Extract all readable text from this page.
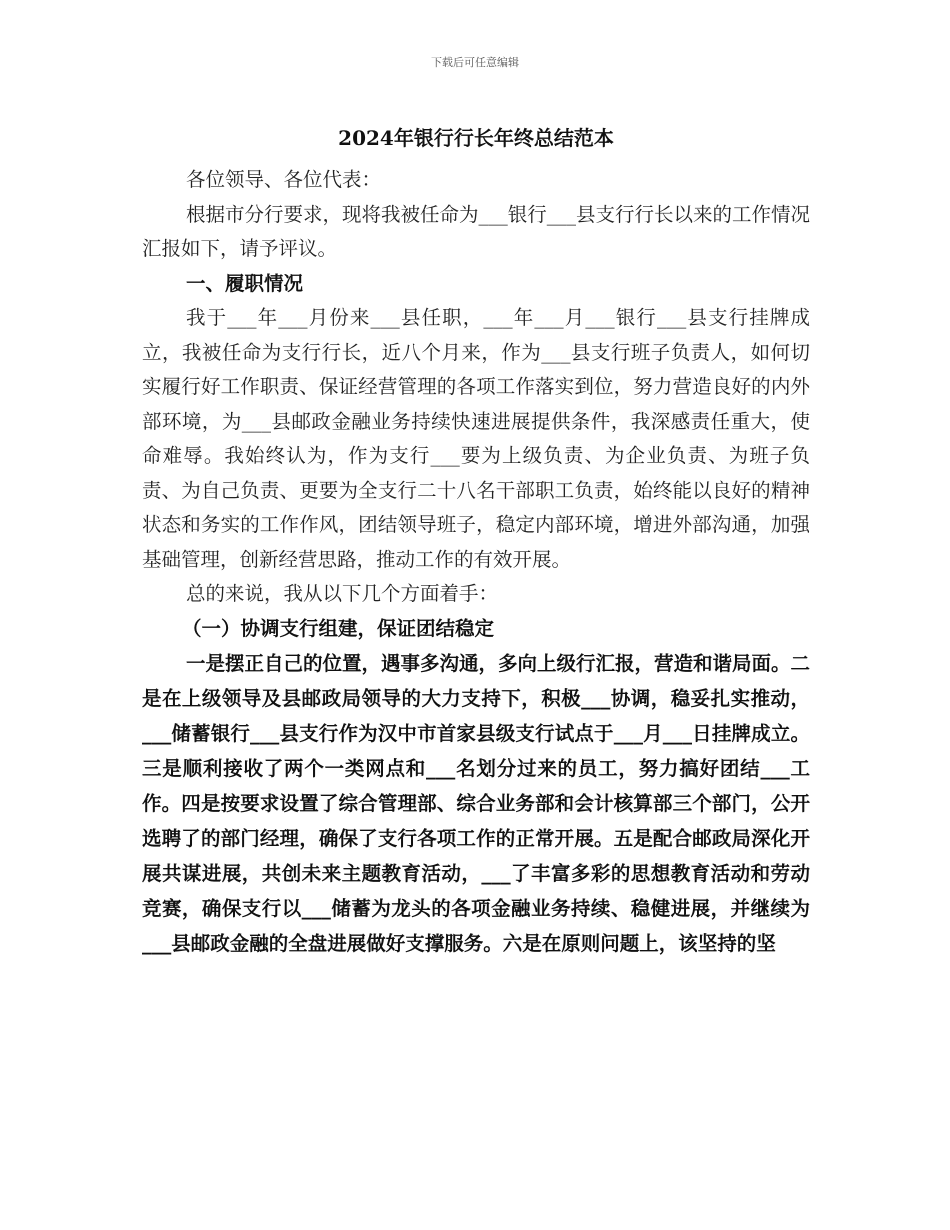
下载后可任意编辑
2024年银行行长年终总结范本

各位领导、各位代表：

根据市分行要求，现将我被任命为___银行___县支行行长以来的工作情况汇报如下，请予评议。

一、履职情况

我于___年___月份来___县任职，___年___月___银行___县支行挂牌成立，我被任命为支行行长，近八个月来，作为___县支行班子负责人，如何切实履行好工作职责、保证经营管理的各项工作落实到位，努力营造良好的内外部环境，为___县邮政金融业务持续快速进展提供条件，我深感责任重大，使命难辱。我始终认为，作为支行___要为上级负责、为企业负责、为班子负责、为自己负责、更要为全支行二十八名干部职工负责，始终能以良好的精神状态和务实的工作作风，团结领导班子，稳定内部环境，增进外部沟通，加强基础管理，创新经营思路，推动工作的有效开展。

总的来说，我从以下几个方面着手：

（一）协调支行组建，保证团结稳定

一是摆正自己的位置，遇事多沟通，多向上级行汇报，营造和谐局面。二是在上级领导及县邮政局领导的大力支持下，积极___协调，稳妥扎实推动，___储蓄银行___县支行作为汉中市首家县级支行试点于___月___日挂牌成立。三是顺利接收了两个一类网点和___名划分过来的员工，努力搞好团结___工作。四是按要求设置了综合管理部、综合业务部和会计核算部三个部门，公开选聘了的部门经理，确保了支行各项工作的正常开展。五是配合邮政局深化开展共谋进展，共创未来主题教育活动，___了丰富多彩的思想教育活动和劳动竞赛，确保支行以___储蓄为龙头的各项金融业务持续、稳健进展，并继续为___县邮政金融的全盘进展做好支撑服务。六是在原则问题上，该坚持的坚
